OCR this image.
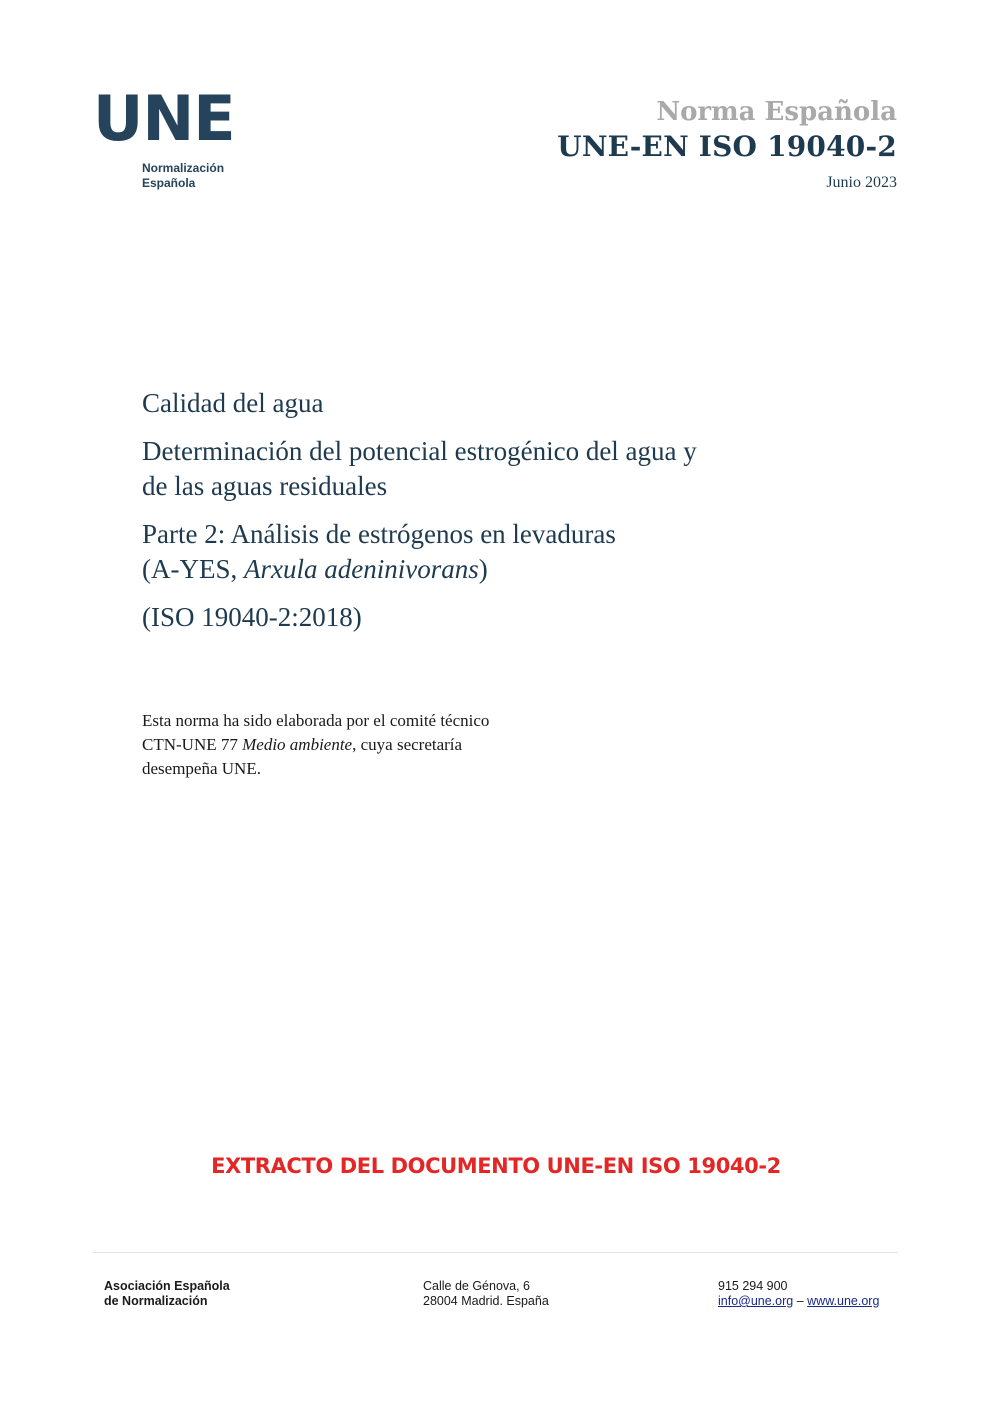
UNE
Normalización
Española
Norma Española
UNE-EN ISO 19040-2
Junio 2023

Calidad del agua

Determinación del potencial estrogénico del agua y
de las aguas residuales

Parte 2: Análisis de estrógenos en levaduras
(A-YES, Arxula adeninivorans)

(ISO 19040-2:2018)

Esta norma ha sido elaborada por el comité técnico
CTN-UNE 77 Medio ambiente, cuya secretaría
desempeña UNE.
EXTRACTO DEL DOCUMENTO UNE-EN ISO 19040-2
Asociación Española
de Normalización
Calle de Génova, 6
28004 Madrid. España
915 294 900
info@une.org – www.une.org
